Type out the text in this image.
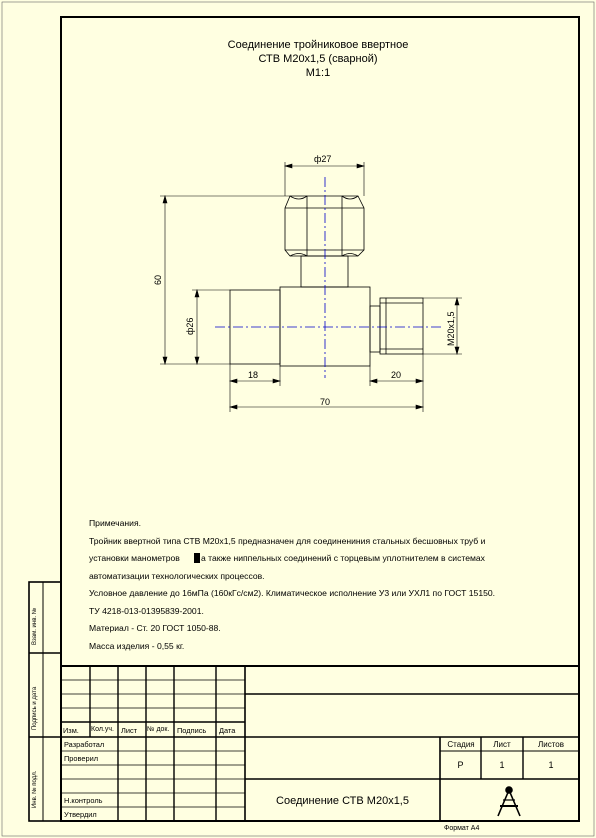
Соединение тройниковое ввертное
СТВ М20х1,5 (сварной)
М1:1
ф27
60
ф26	М20х1,5
18	20
70
Примечания.
Тройник ввертной типа СТВ М20х1,5 предназначен для соединениния стальных бесшовных труб и
установки манометров а также ниппельных соединений с торцевым уплотнителем в системах
автоматизации технологических процессов.
Условное давление до 16мПа (160кГс/см2). Климатическое исполнение У3 или УХЛ1 по ГОСТ 15150.
ТУ 4218-013-01395839-2001.
Материал - Ст. 20 ГОСТ 1050-88.
Масса изделия - 0,55 кг.
Взам. инв. №
Подпись и дата
Инв. № подл.
Изм. Кол.уч. Лист № док. Подпись Дата
Разработал
Проверил
Н.контроль
Утвердил
Стадия	Лист	Листов
Р	1	1
Соединение СТВ М20х1,5
Формат А4
